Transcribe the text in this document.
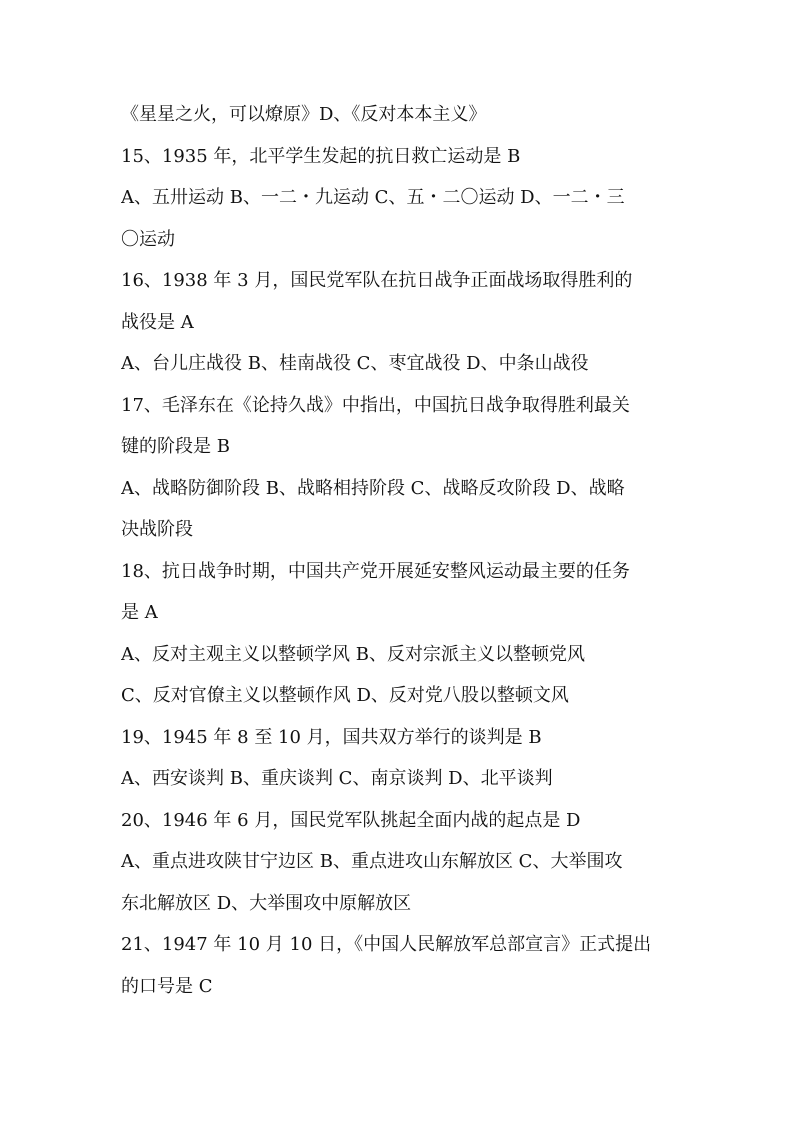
《星星之火，可以燎原》D、《反对本本主义》
15、1935 年，北平学生发起的抗日救亡运动是 B
A、五卅运动 B、一二・九运动 C、五・二〇运动 D、一二・三
〇运动
16、1938 年 3 月，国民党军队在抗日战争正面战场取得胜利的
战役是 A
A、台儿庄战役 B、桂南战役 C、枣宜战役 D、中条山战役
17、毛泽东在《论持久战》中指出，中国抗日战争取得胜利最关
键的阶段是 B
A、战略防御阶段 B、战略相持阶段 C、战略反攻阶段 D、战略
决战阶段
18、抗日战争时期，中国共产党开展延安整风运动最主要的任务
是 A
A、反对主观主义以整顿学风 B、反对宗派主义以整顿党风
C、反对官僚主义以整顿作风 D、反对党八股以整顿文风
19、1945 年 8 至 10 月，国共双方举行的谈判是 B
A、西安谈判 B、重庆谈判 C、南京谈判 D、北平谈判
20、1946 年 6 月，国民党军队挑起全面内战的起点是 D
A、重点进攻陕甘宁边区 B、重点进攻山东解放区 C、大举围攻
东北解放区 D、大举围攻中原解放区
21、1947 年 10 月 10 日，《中国人民解放军总部宣言》正式提出
的口号是 C
